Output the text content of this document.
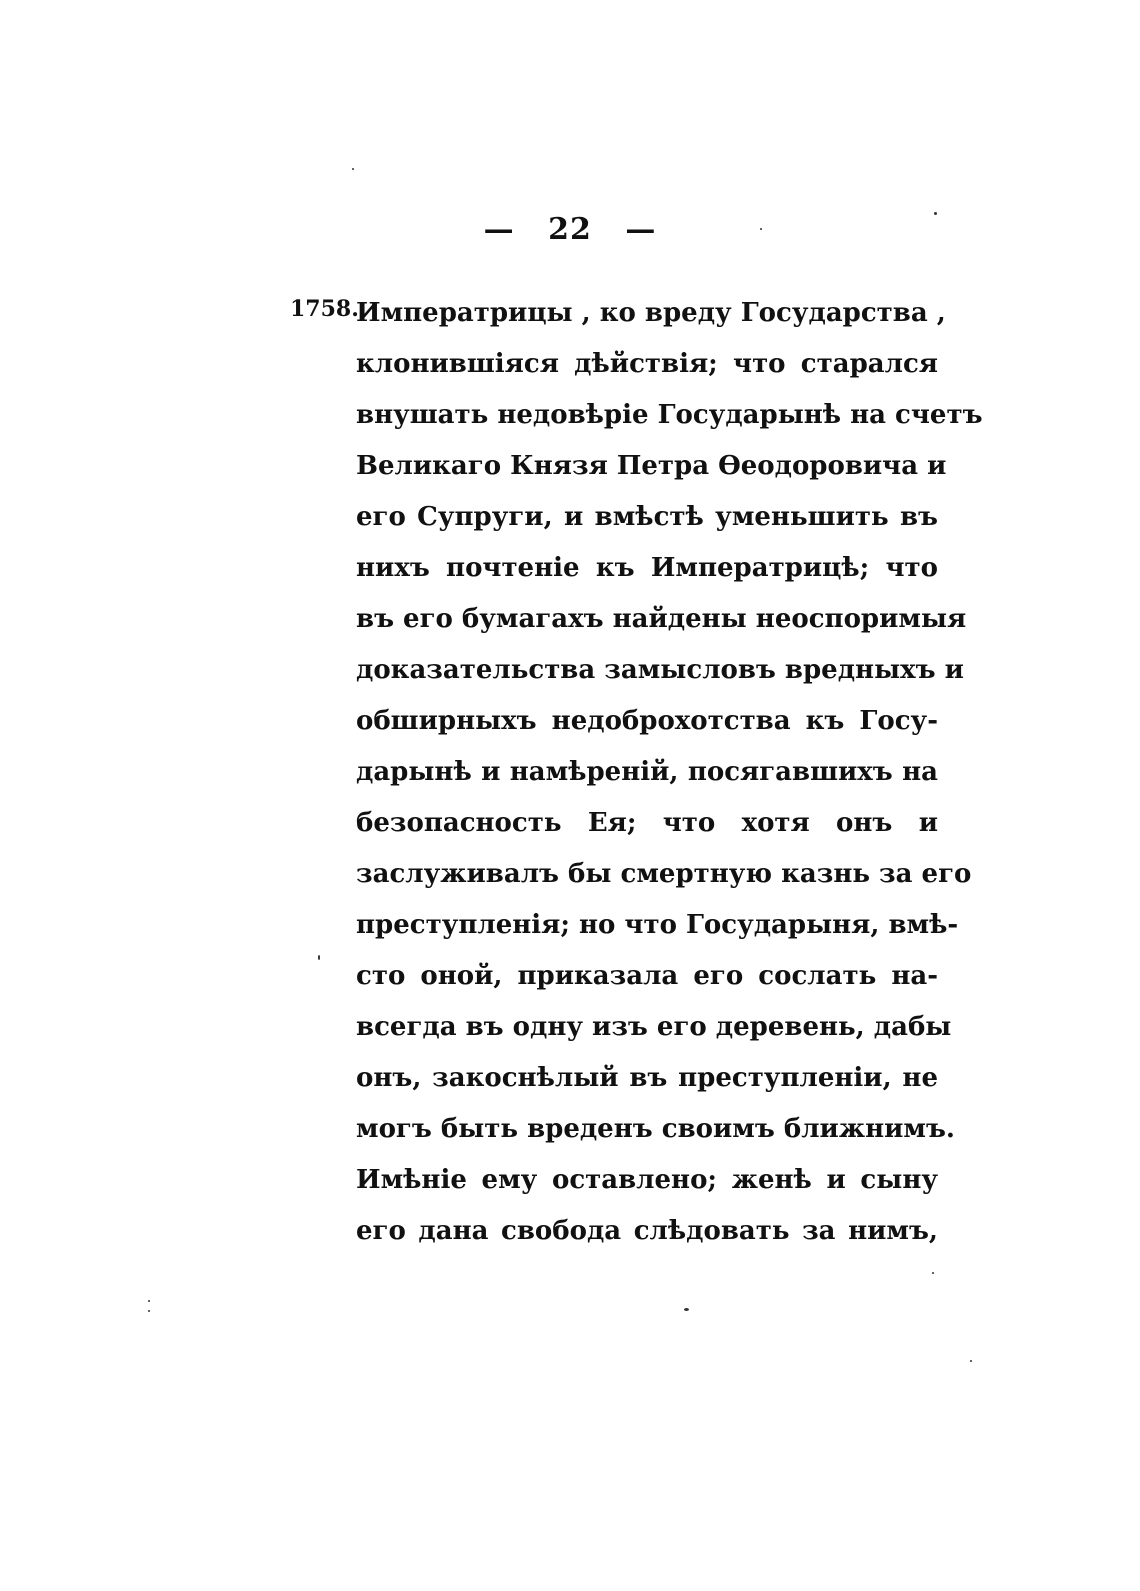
— 22 —
1758.
Императрицы , ко вреду Государства ,
клонившiяся дѣйствiя; что старался
внушать недовѣрiе Государынѣ на счетъ
Великаго Князя Петра Өеодоровича и
его Супруги, и вмѣстѣ уменьшить въ
нихъ почтенiе къ Императрицѣ; что
въ его бумагахъ найдены неоспоримыя
доказательства замысловъ вредныхъ и
обширныхъ недоброхотства къ Госу-
дарынѣ и намѣренiй, посягавшихъ на
безопасность Ея; что хотя онъ и
заслуживалъ бы смертную казнь за его
преступленiя; но что Государыня, вмѣ-
сто оной, приказала его сослать на-
всегда въ одну изъ его деревень, дабы
онъ, закоснѣлый въ преступленiи, не
могъ быть вреденъ своимъ ближнимъ.
Имѣнiе ему оставлено; женѣ и сыну
его дана свобода слѣдовать за нимъ,
